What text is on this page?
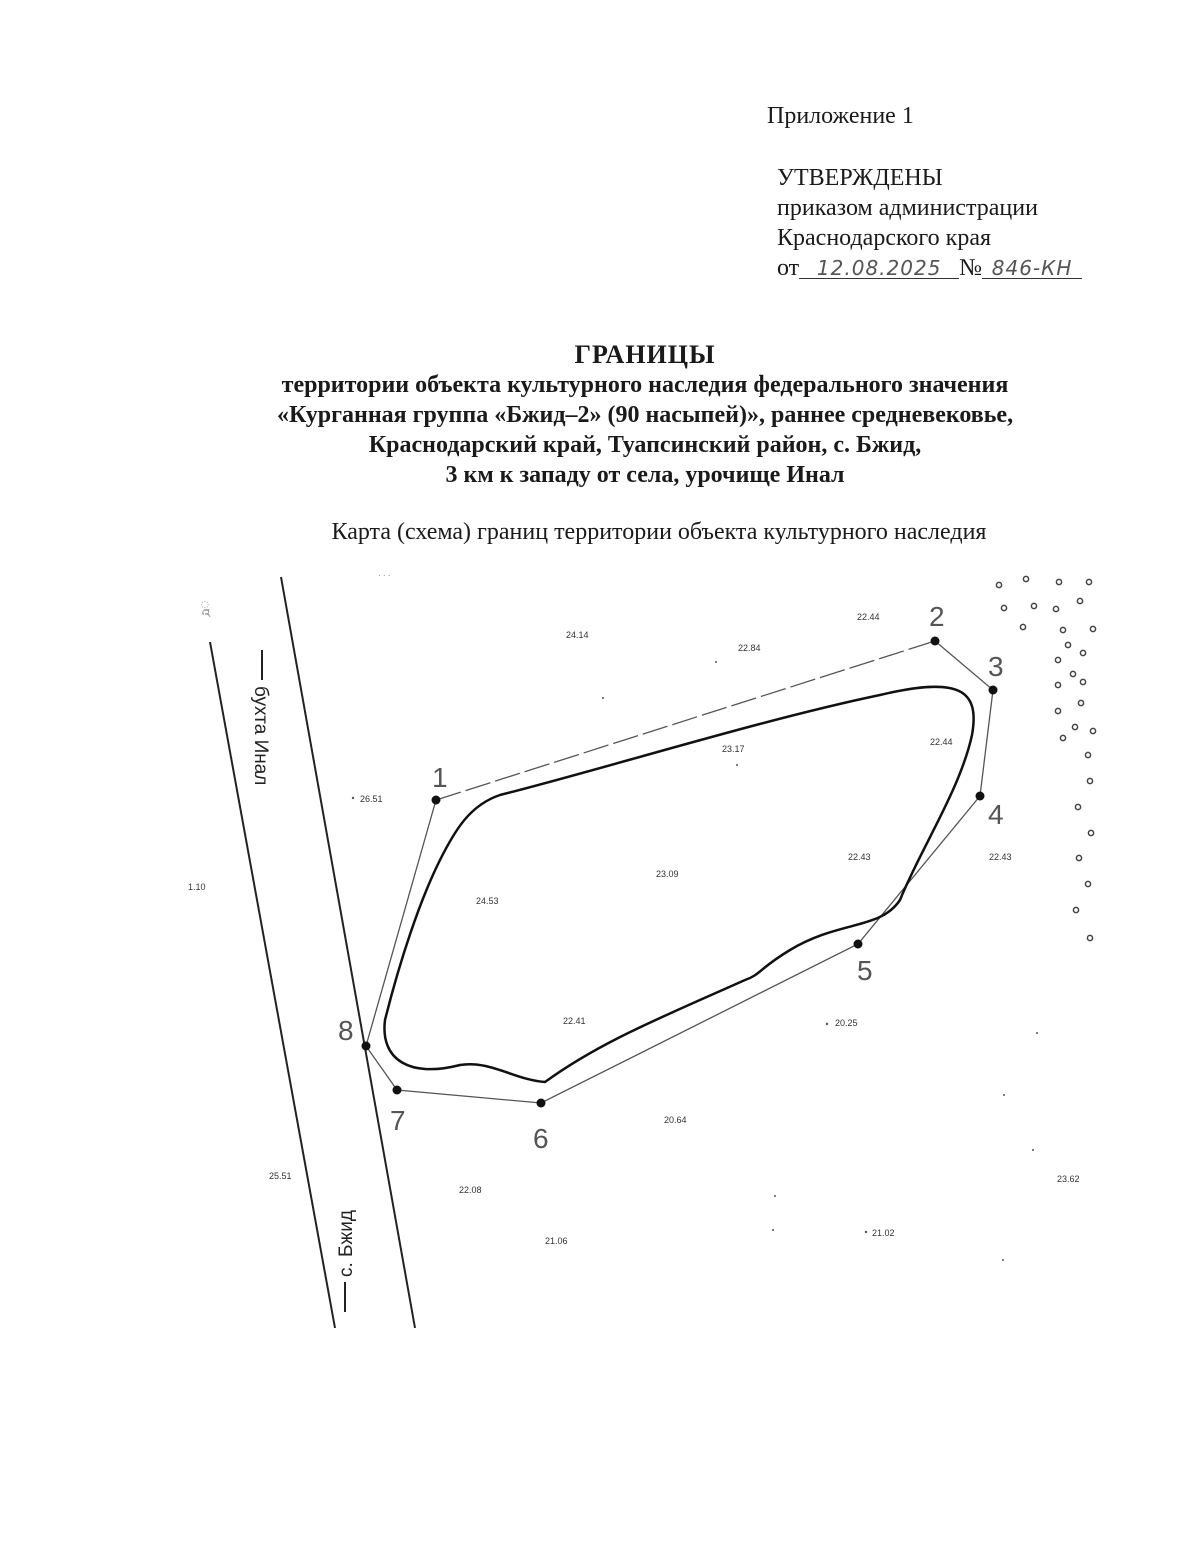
Приложение 1
УТВЕРЖДЕНЫ
приказом администрации
Краснодарского края
от 12.08.2025 № 846-КН
ГРАНИЦЫ
территории объекта культурного наследия федерального значения
«Курганная группа «Бжид–2» (90 насыпей)», раннее средневековье,
Краснодарский край, Туапсинский район, с. Бжид,
3 км к западу от села, урочище Инал
Карта (схема) границ территории объекта культурного наследия
бухта Инал
с. Бжид
1
2
3
4
5
6
7
8
22.44
24.14
22.84
23.17
22.44
26.51
23.09
24.53
22.43	22.43
1.10
22.41	20.25
20.64
25.51
22.08
23.62
21.06
21.02
· · ·
ཱ
